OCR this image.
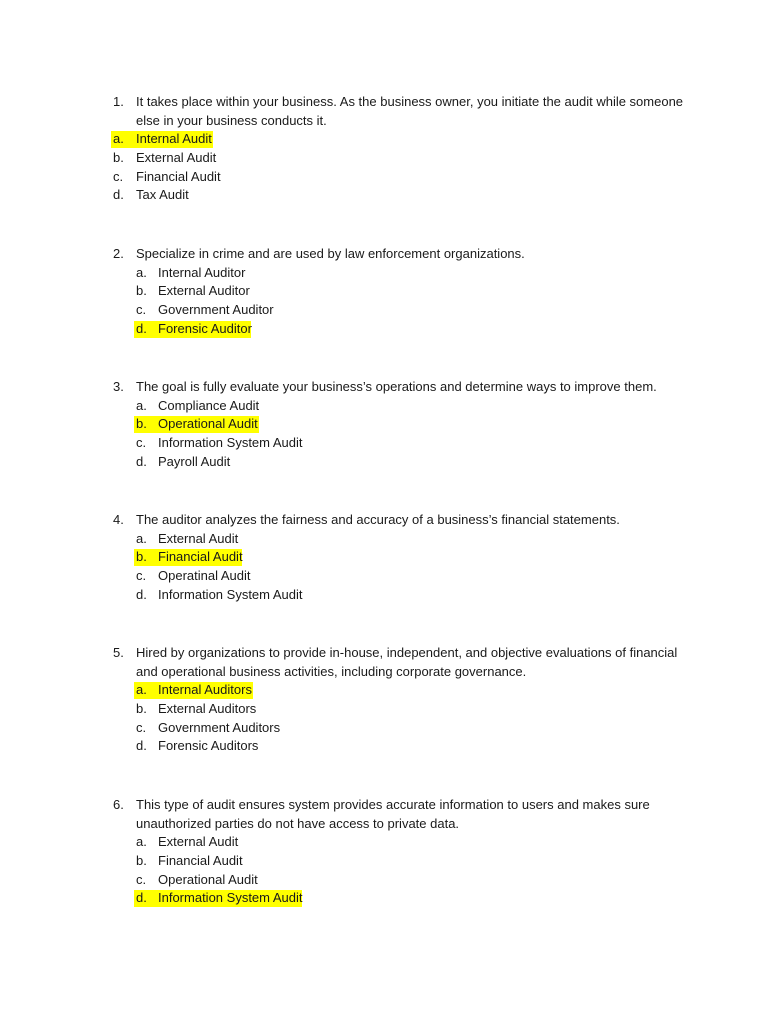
1. It takes place within your business. As the business owner, you initiate the audit while someone
else in your business conducts it.
a. Internal Audit
b. External Audit
c. Financial Audit
d. Tax Audit
2. Specialize in crime and are used by law enforcement organizations.
a. Internal Auditor
b. External Auditor
c. Government Auditor
d. Forensic Auditor
3. The goal is fully evaluate your business’s operations and determine ways to improve them.
a. Compliance Audit
b. Operational Audit
c. Information System Audit
d. Payroll Audit
4. The auditor analyzes the fairness and accuracy of a business’s financial statements.
a. External Audit
b. Financial Audit
c. Operatinal Audit
d. Information System Audit
5. Hired by organizations to provide in-house, independent, and objective evaluations of financial
and operational business activities, including corporate governance.
a. Internal Auditors
b. External Auditors
c. Government Auditors
d. Forensic Auditors
6. This type of audit ensures system provides accurate information to users and makes sure
unauthorized parties do not have access to private data.
a. External Audit
b. Financial Audit
c. Operational Audit
d. Information System Audit
